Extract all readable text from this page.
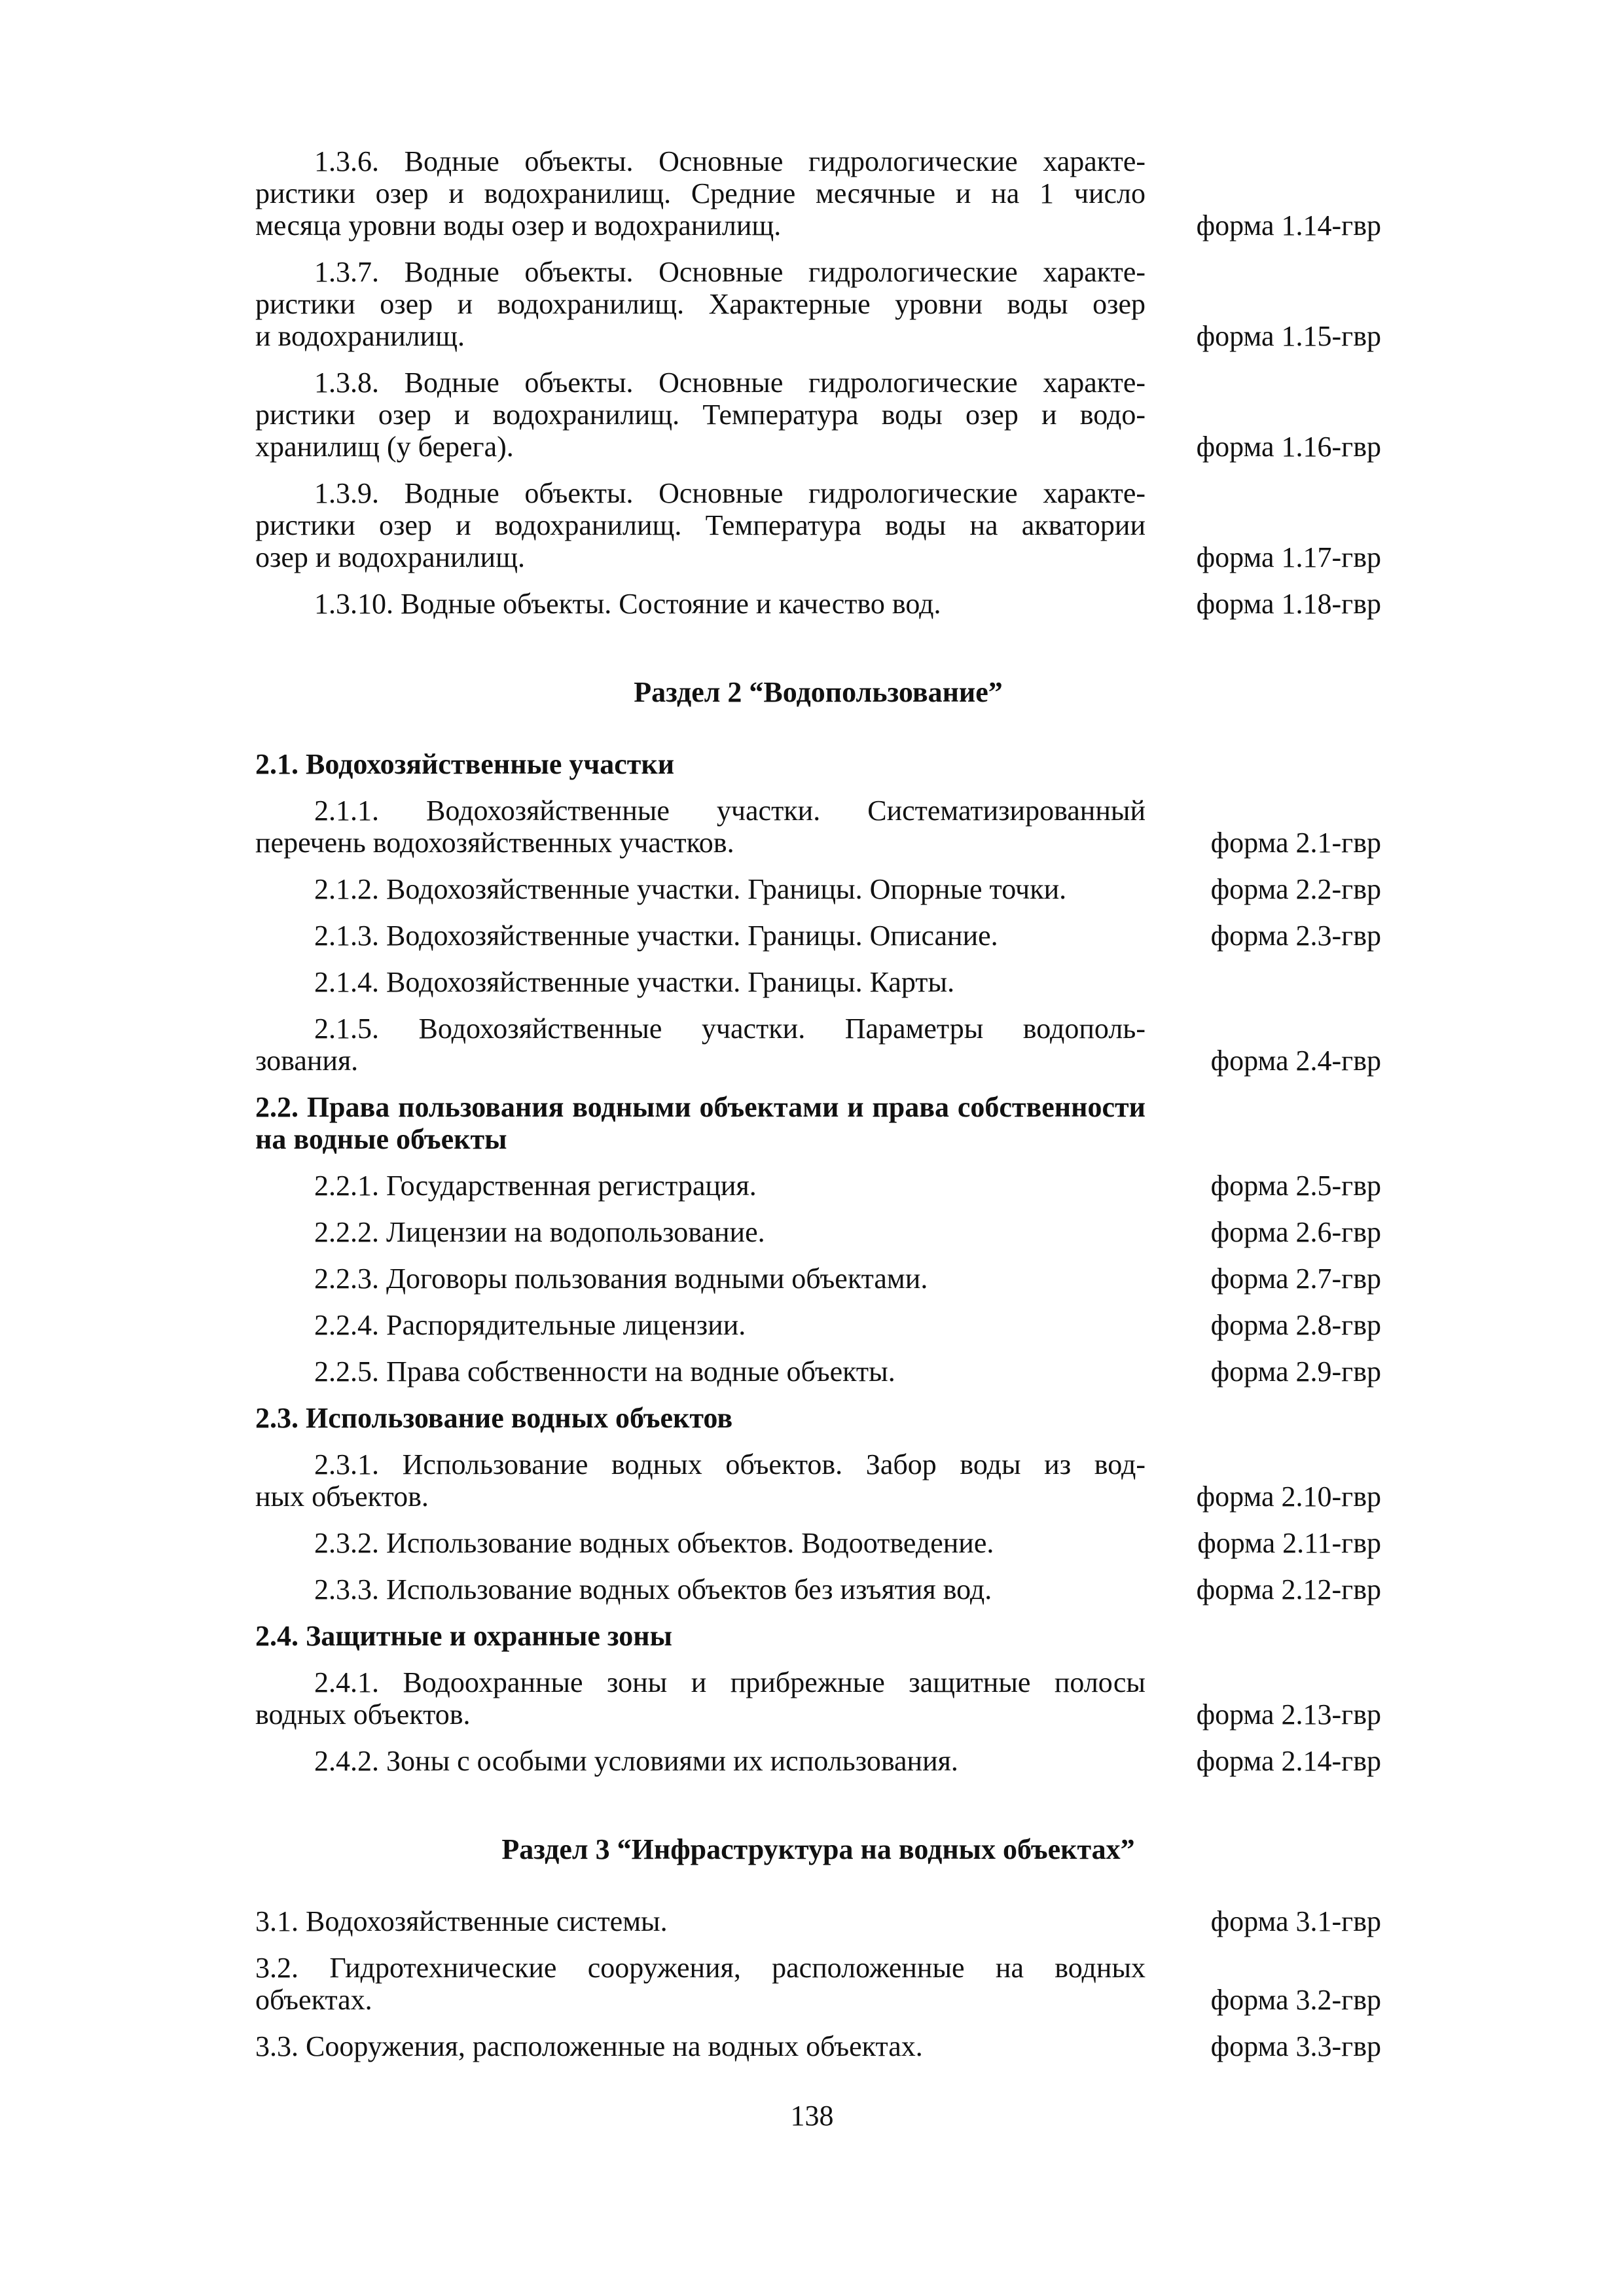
1.3.6. Водные объекты. Основные гидрологические характе-
ристики озер и водохранилищ. Средние месячные и на 1 число
месяца уровни воды озер и водохранилищ.	форма 1.14-гвр
1.3.7. Водные объекты. Основные гидрологические характе-
ристики озер и водохранилищ. Характерные уровни воды озер
и водохранилищ.	форма 1.15-гвр
1.3.8. Водные объекты. Основные гидрологические характе-
ристики озер и водохранилищ. Температура воды озер и водо-
хранилищ (у берега).	форма 1.16-гвр
1.3.9. Водные объекты. Основные гидрологические характе-
ристики озер и водохранилищ. Температура воды на акватории
озер и водохранилищ.	форма 1.17-гвр
1.3.10. Водные объекты. Состояние и качество вод.	форма 1.18-гвр
Раздел 2 “Водопользование”
2.1. Водохозяйственные участки
2.1.1. Водохозяйственные участки. Систематизированный
перечень водохозяйственных участков.	форма 2.1-гвр
2.1.2. Водохозяйственные участки. Границы. Опорные точки.	форма 2.2-гвр
2.1.3. Водохозяйственные участки. Границы. Описание.	форма 2.3-гвр
2.1.4. Водохозяйственные участки. Границы. Карты.
2.1.5. Водохозяйственные участки. Параметры водополь-
зования.	форма 2.4-гвр
2.2. Права пользования водными объектами и права собственности
на водные объекты
2.2.1. Государственная регистрация.	форма 2.5-гвр
2.2.2. Лицензии на водопользование.	форма 2.6-гвр
2.2.3. Договоры пользования водными объектами.	форма 2.7-гвр
2.2.4. Распорядительные лицензии.	форма 2.8-гвр
2.2.5. Права собственности на водные объекты.	форма 2.9-гвр
2.3. Использование водных объектов
2.3.1. Использование водных объектов. Забор воды из вод-
ных объектов.	форма 2.10-гвр
2.3.2. Использование водных объектов. Водоотведение.	форма 2.11-гвр
2.3.3. Использование водных объектов без изъятия вод.	форма 2.12-гвр
2.4. Защитные и охранные зоны
2.4.1. Водоохранные зоны и прибрежные защитные полосы
водных объектов.	форма 2.13-гвр
2.4.2. Зоны с особыми условиями их использования.	форма 2.14-гвр
Раздел 3 “Инфраструктура на водных объектах”
3.1. Водохозяйственные системы.	форма 3.1-гвр
3.2. Гидротехнические сооружения, расположенные на водных
объектах.	форма 3.2-гвр
3.3. Сооружения, расположенные на водных объектах.	форма 3.3-гвр
138
